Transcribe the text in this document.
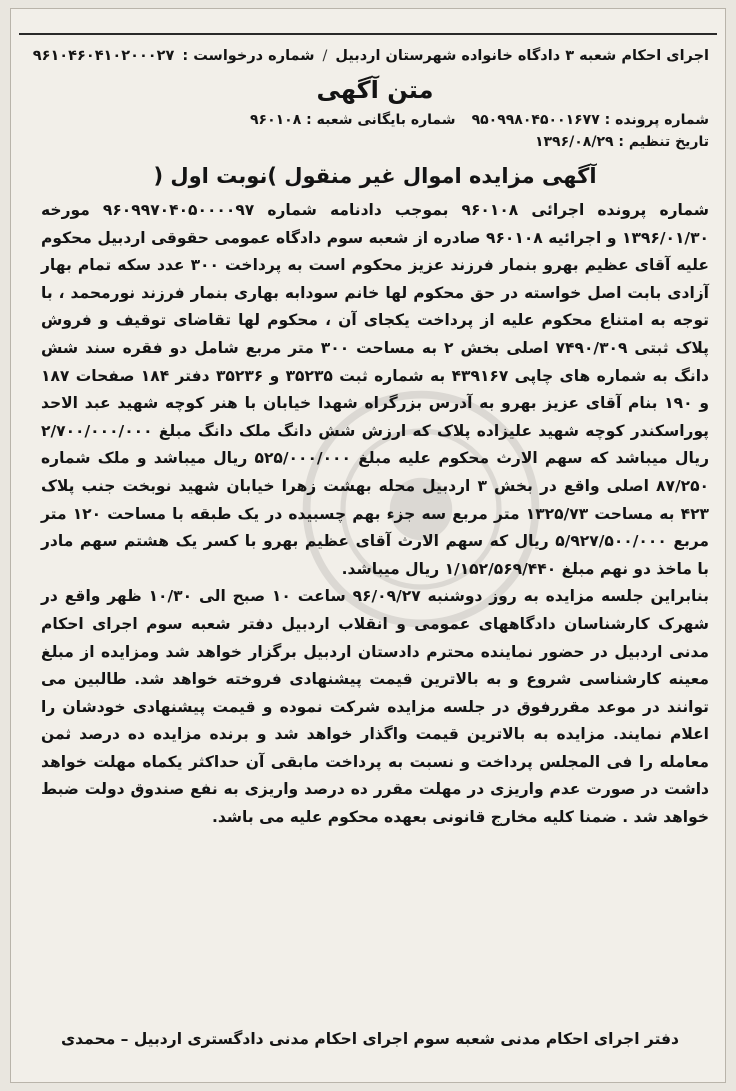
اجرای احکام شعبه ۳ دادگاه خانواده شهرستان اردبیل
/
شماره درخواست :
۹۶۱۰۴۶۰۴۱۰۲۰۰۰۲۷
متن آگهی
شماره پرونده : ۹۵۰۹۹۸۰۴۵۰۰۱۶۷۷
شماره بایگانی شعبه : ۹۶۰۱۰۸
تاریخ تنظیم : ۱۳۹۶/۰۸/۲۹
آگهی مزایده اموال غیر منقول )نوبت اول (

شماره پرونده اجرائی ۹۶۰۱۰۸ بموجب دادنامه شماره ۹۶۰۹۹۷۰۴۰۵۰۰۰۰۹۷ مورخه ۱۳۹۶/۰۱/۳۰ و اجرائیه ۹۶۰۱۰۸ صادره از شعبه سوم دادگاه عمومی حقوقی اردبیل محکوم علیه آقای عظیم بهرو بنمار فرزند عزیز محکوم است به پرداخت ۳۰۰ عدد سکه تمام بهار آزادی بابت اصل خواسته در حق محکوم لها خانم سودابه بهاری بنمار فرزند نورمحمد ، با توجه به امتناع محکوم علیه از پرداخت یکجای آن ، محکوم لها تقاضای توقیف و فروش پلاک ثبتی ۷۴۹۰/۳۰۹ اصلی بخش ۲ به مساحت ۳۰۰ متر مربع شامل دو فقره سند شش دانگ به شماره های چاپی ۴۳۹۱۶۷ به شماره ثبت ۳۵۲۳۵ و ۳۵۲۳۶ دفتر ۱۸۴ صفحات ۱۸۷ و ۱۹۰ بنام آقای عزیز بهرو به آدرس بزرگراه شهدا خیابان با هنر کوچه شهید عبد الاحد پوراسکندر کوچه شهید علیزاده پلاک که ارزش شش دانگ ملک دانگ مبلغ ۲/۷۰۰/۰۰۰/۰۰۰ ریال میباشد که سهم الارث محکوم علیه مبلغ ۵۲۵/۰۰۰/۰۰۰ ریال میباشد و ملک شماره ۸۷/۲۵۰ اصلی واقع در بخش ۳ اردبیل محله بهشت زهرا خیابان شهید نوبخت جنب پلاک ۴۲۳ به مساحت ۱۳۲۵/۷۳ متر مربع سه جزء بهم چسبیده در یک طبقه با مساحت ۱۲۰ متر مربع ۵/۹۲۷/۵۰۰/۰۰۰ ریال که سهم الارث آقای عظیم بهرو با کسر یک هشتم سهم مادر با ماخذ دو نهم مبلغ ۱/۱۵۲/۵۶۹/۴۴۰ ریال میباشد.

بنابراین جلسه مزایده به روز دوشنبه ۹۶/۰۹/۲۷ ساعت ۱۰ صبح الی ۱۰/۳۰ ظهر واقع در شهرک کارشناسان دادگاههای عمومی و انقلاب اردبیل دفتر شعبه سوم اجرای احکام مدنی اردبیل در حضور نماینده محترم دادستان اردبیل برگزار خواهد شد ومزایده از مبلغ معینه کارشناسی شروع و به بالاترین قیمت پیشنهادی فروخته خواهد شد. طالبین می توانند در موعد مقررفوق در جلسه مزایده شرکت نموده و قیمت پیشنهادی خودشان را اعلام نمایند. مزایده به بالاترین قیمت واگذار خواهد شد و برنده مزایده ده درصد ثمن معامله را فی المجلس پرداخت و نسبت به پرداخت مابقی آن حداکثر یکماه مهلت خواهد داشت در صورت عدم واریزی در مهلت مقرر ده درصد واریزی به نفع صندوق دولت ضبط خواهد شد . ضمنا کلیه مخارج قانونی بعهده محکوم علیه می باشد.

دفتر اجرای احکام مدنی شعبه سوم اجرای احکام مدنی دادگستری اردبیل – محمدی
